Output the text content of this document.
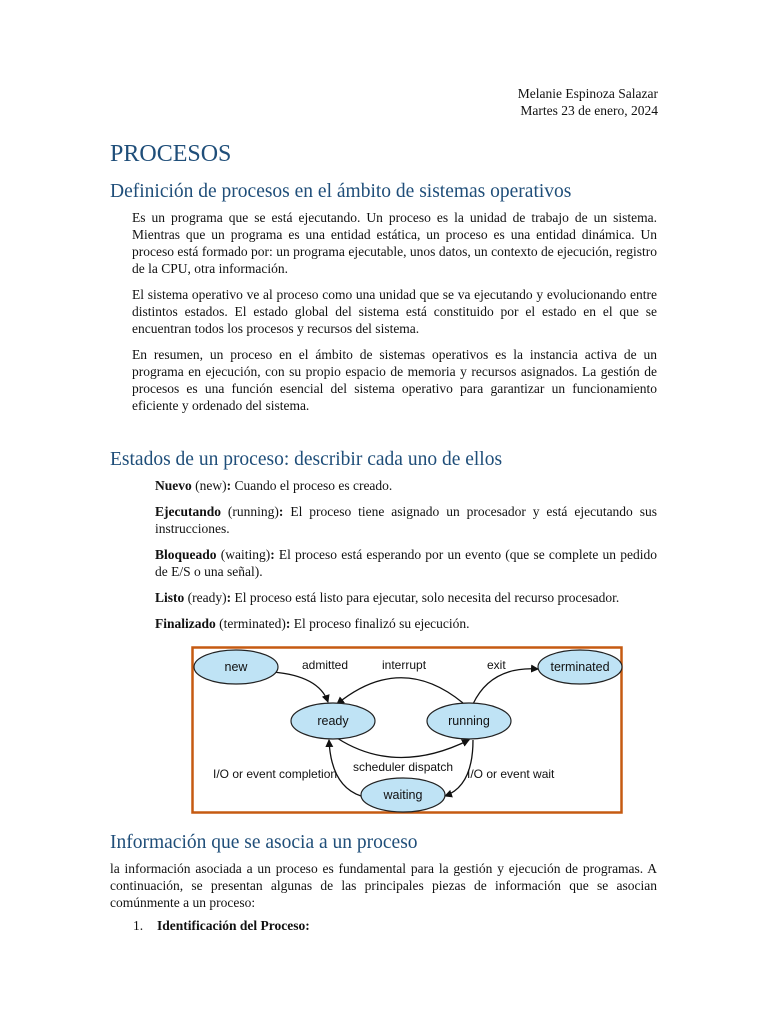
Melanie Espinoza Salazar
Martes 23 de enero, 2024
PROCESOS
Definición de procesos en el ámbito de sistemas operativos

Es un programa que se está ejecutando. Un proceso es la unidad de trabajo de un sistema. Mientras que un programa es una entidad estática, un proceso es una entidad dinámica. Un proceso está formado por: un programa ejecutable, unos datos, un contexto de ejecución, registro de la CPU, otra información.

El sistema operativo ve al proceso como una unidad que se va ejecutando y evolucionando entre distintos estados. El estado global del sistema está constituido por el estado en el que se encuentran todos los procesos y recursos del sistema.

En resumen, un proceso en el ámbito de sistemas operativos es la instancia activa de un programa en ejecución, con su propio espacio de memoria y recursos asignados. La gestión de procesos es una función esencial del sistema operativo para garantizar un funcionamiento eficiente y ordenado del sistema.

Estados de un proceso: describir cada uno de ellos

Nuevo (new): Cuando el proceso es creado.

Ejecutando (running): El proceso tiene asignado un procesador y está ejecutando sus instrucciones.

Bloqueado (waiting): El proceso está esperando por un evento (que se complete un pedido de E/S o una señal).

Listo (ready): El proceso está listo para ejecutar, solo necesita del recurso procesador.

Finalizado (terminated): El proceso finalizó su ejecución.

new	terminated
ready	running
waiting
admitted	interrupt	exit
scheduler dispatch
I/O or event completion	I/O or event wait
Información que se asocia a un proceso

la información asociada a un proceso es fundamental para la gestión y ejecución de programas. A continuación, se presentan algunas de las principales piezas de información que se asocian comúnmente a un proceso:

1. Identificación del Proceso:
